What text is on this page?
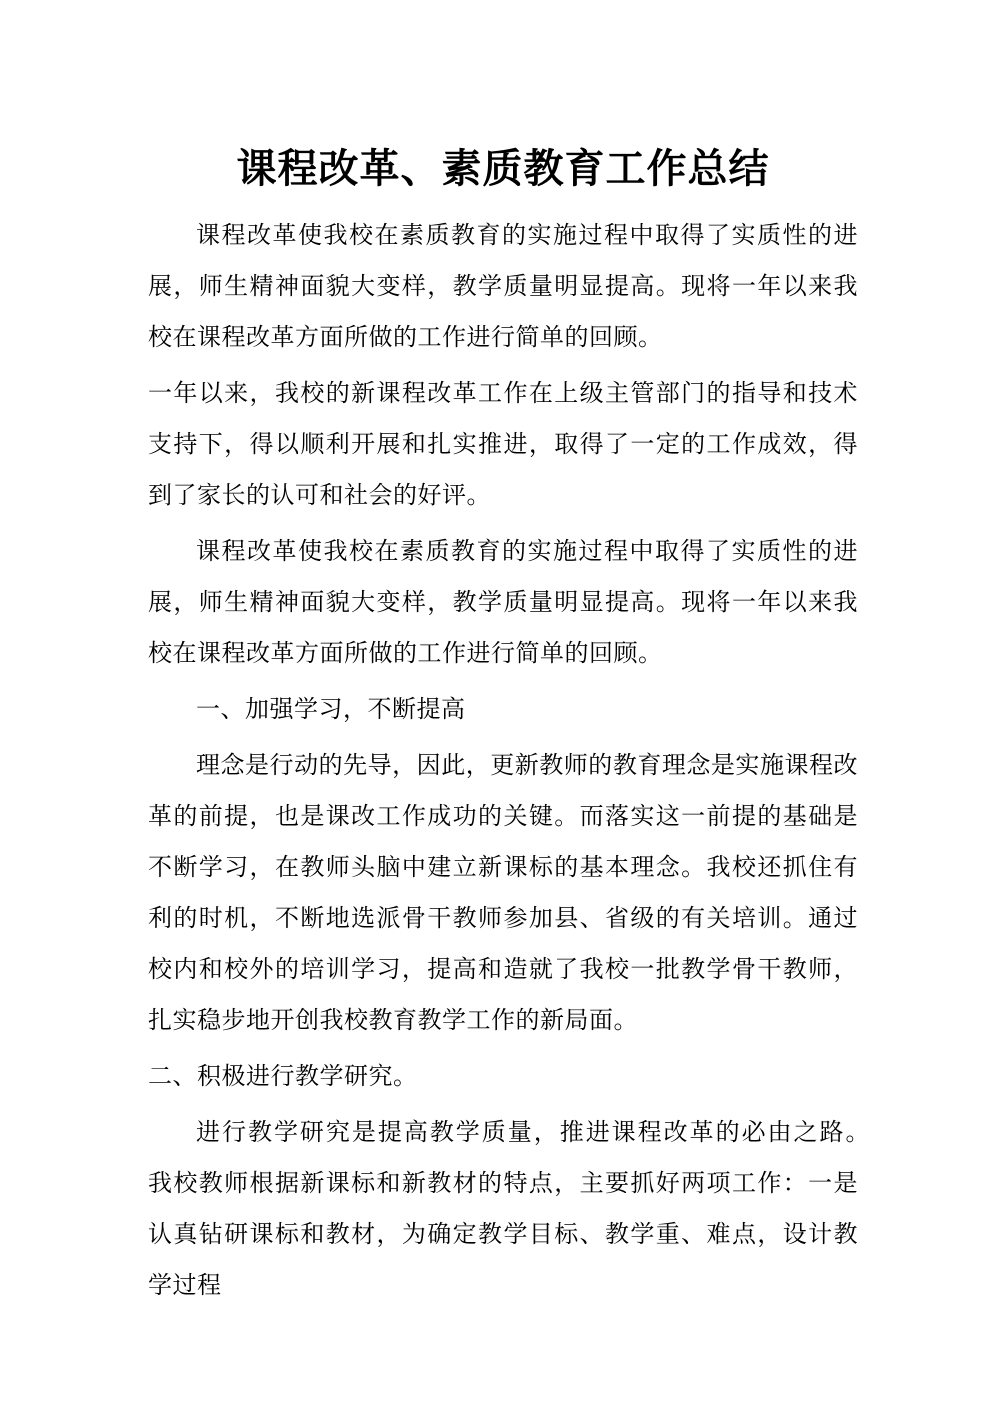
课程改革、素质教育工作总结

课程改革使我校在素质教育的实施过程中取得了实质性的进展，师生精神面貌大变样，教学质量明显提高。现将一年以来我校在课程改革方面所做的工作进行简单的回顾。

一年以来，我校的新课程改革工作在上级主管部门的指导和技术支持下，得以顺利开展和扎实推进，取得了一定的工作成效，得到了家长的认可和社会的好评。

课程改革使我校在素质教育的实施过程中取得了实质性的进展，师生精神面貌大变样，教学质量明显提高。现将一年以来我校在课程改革方面所做的工作进行简单的回顾。

一、加强学习，不断提高

理念是行动的先导，因此，更新教师的教育理念是实施课程改革的前提，也是课改工作成功的关键。而落实这一前提的基础是不断学习，在教师头脑中建立新课标的基本理念。我校还抓住有利的时机，不断地选派骨干教师参加县、省级的有关培训。通过校内和校外的培训学习，提高和造就了我校一批教学骨干教师，扎实稳步地开创我校教育教学工作的新局面。

二、积极进行教学研究。

进行教学研究是提高教学质量，推进课程改革的必由之路。　我校教师根据新课标和新教材的特点，主要抓好两项工作：一是认真钻研课标和教材，为确定教学目标、教学重、难点，设计教学过程
